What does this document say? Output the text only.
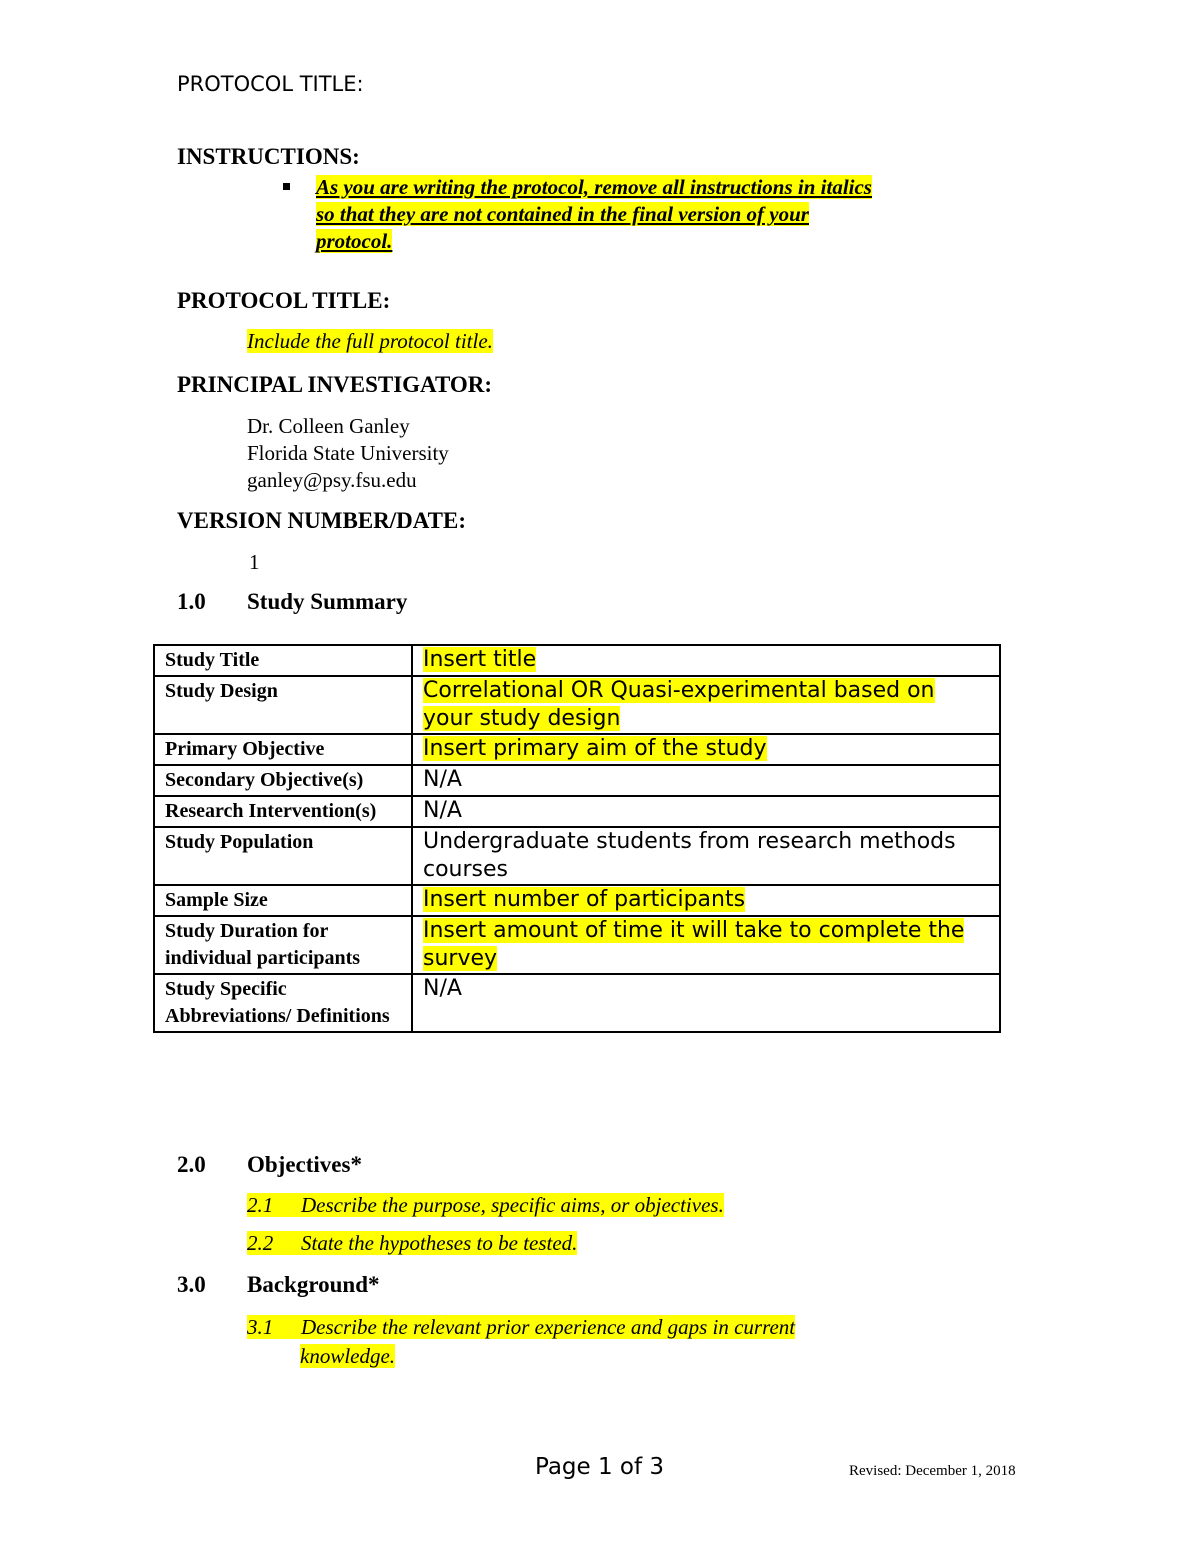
PROTOCOL TITLE:
INSTRUCTIONS:
As you are writing the protocol, remove all instructions in italics
so that they are not contained in the final version of your
protocol.
PROTOCOL TITLE:
Include the full protocol title.
PRINCIPAL INVESTIGATOR:
Dr. Colleen Ganley
Florida State University
ganley@psy.fsu.edu
VERSION NUMBER/DATE:
1
1.0 Study Summary
Study Title	Insert title
Study Design	Correlational OR Quasi-experimental based on your study design
Primary Objective	Insert primary aim of the study
Secondary Objective(s)	N/A
Research Intervention(s)	N/A
Study Population	Undergraduate students from research methods courses
Sample Size	Insert number of participants
Study Duration for individual participants	Insert amount of time it will take to complete the survey
Study Specific Abbreviations/ Definitions	N/A
2.0 Objectives*
2.1 Describe the purpose, specific aims, or objectives.
2.2 State the hypotheses to be tested.
3.0 Background*
3.1 Describe the relevant prior experience and gaps in current
knowledge.
Page 1 of 3	Revised: December 1, 2018
